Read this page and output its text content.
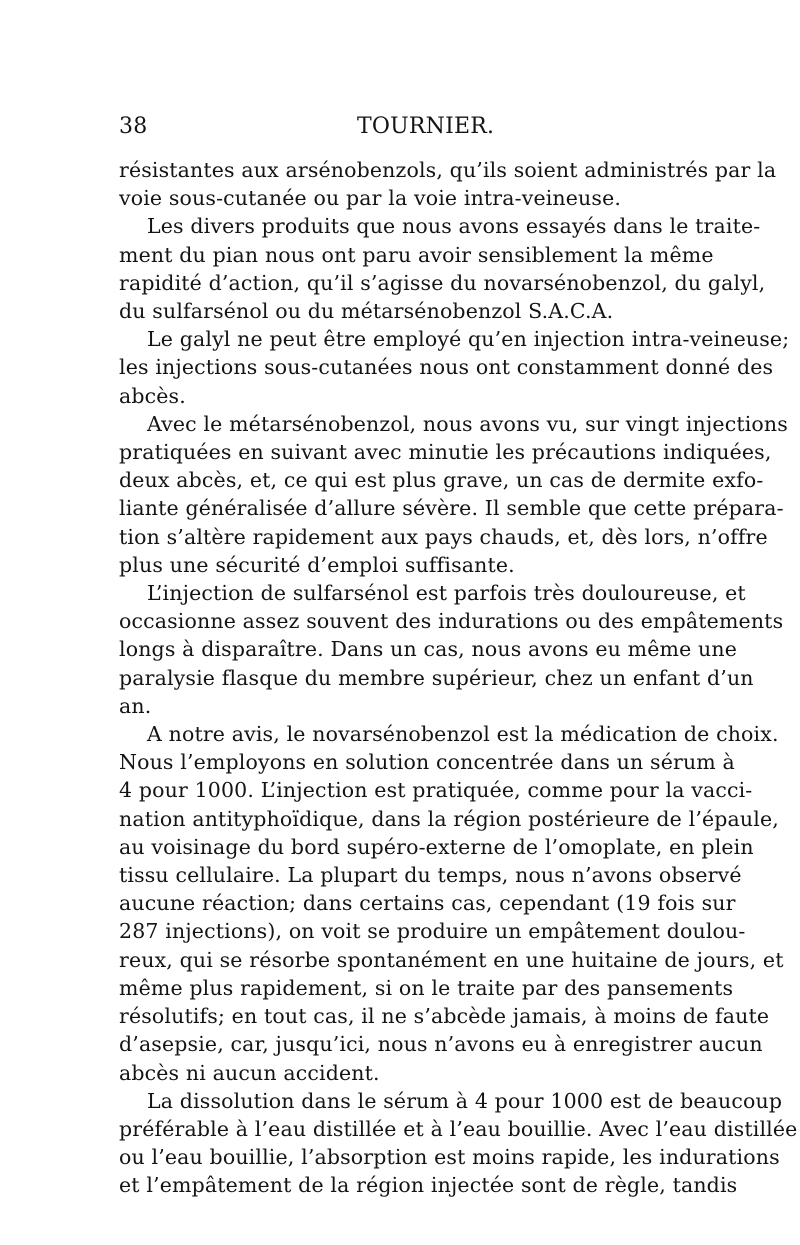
38	TOURNIER.

résistantes aux arsénobenzols, qu’ils soient administrés par la
voie sous-cutanée ou par la voie intra-veineuse.

Les divers produits que nous avons essayés dans le traite-
ment du pian nous ont paru avoir sensiblement la même
rapidité d’action, qu’il s’agisse du novarsénobenzol, du galyl,
du sulfarsénol ou du métarsénobenzol S.A.C.A.

Le galyl ne peut être employé qu’en injection intra-veineuse;
les injections sous-cutanées nous ont constamment donné des
abcès.

Avec le métarsénobenzol, nous avons vu, sur vingt injections
pratiquées en suivant avec minutie les précautions indiquées,
deux abcès, et, ce qui est plus grave, un cas de dermite exfo-
liante généralisée d’allure sévère. Il semble que cette prépara-
tion s’altère rapidement aux pays chauds, et, dès lors, n’offre
plus une sécurité d’emploi suffisante.

L’injection de sulfarsénol est parfois très douloureuse, et
occasionne assez souvent des indurations ou des empâtements
longs à disparaître. Dans un cas, nous avons eu même une
paralysie flasque du membre supérieur, chez un enfant d’un
an.

A notre avis, le novarsénobenzol est la médication de choix.
Nous l’employons en solution concentrée dans un sérum à
4 pour 1000. L’injection est pratiquée, comme pour la vacci-
nation antityphoïdique, dans la région postérieure de l’épaule,
au voisinage du bord supéro-externe de l’omoplate, en plein
tissu cellulaire. La plupart du temps, nous n’avons observé
aucune réaction; dans certains cas, cependant (19 fois sur
287 injections), on voit se produire un empâtement doulou-
reux, qui se résorbe spontanément en une huitaine de jours, et
même plus rapidement, si on le traite par des pansements
résolutifs; en tout cas, il ne s’abcède jamais, à moins de faute
d’asepsie, car, jusqu’ici, nous n’avons eu à enregistrer aucun
abcès ni aucun accident.

La dissolution dans le sérum à 4 pour 1000 est de beaucoup
préférable à l’eau distillée et à l’eau bouillie. Avec l’eau distillée
ou l’eau bouillie, l’absorption est moins rapide, les indurations
et l’empâtement de la région injectée sont de règle, tandis
